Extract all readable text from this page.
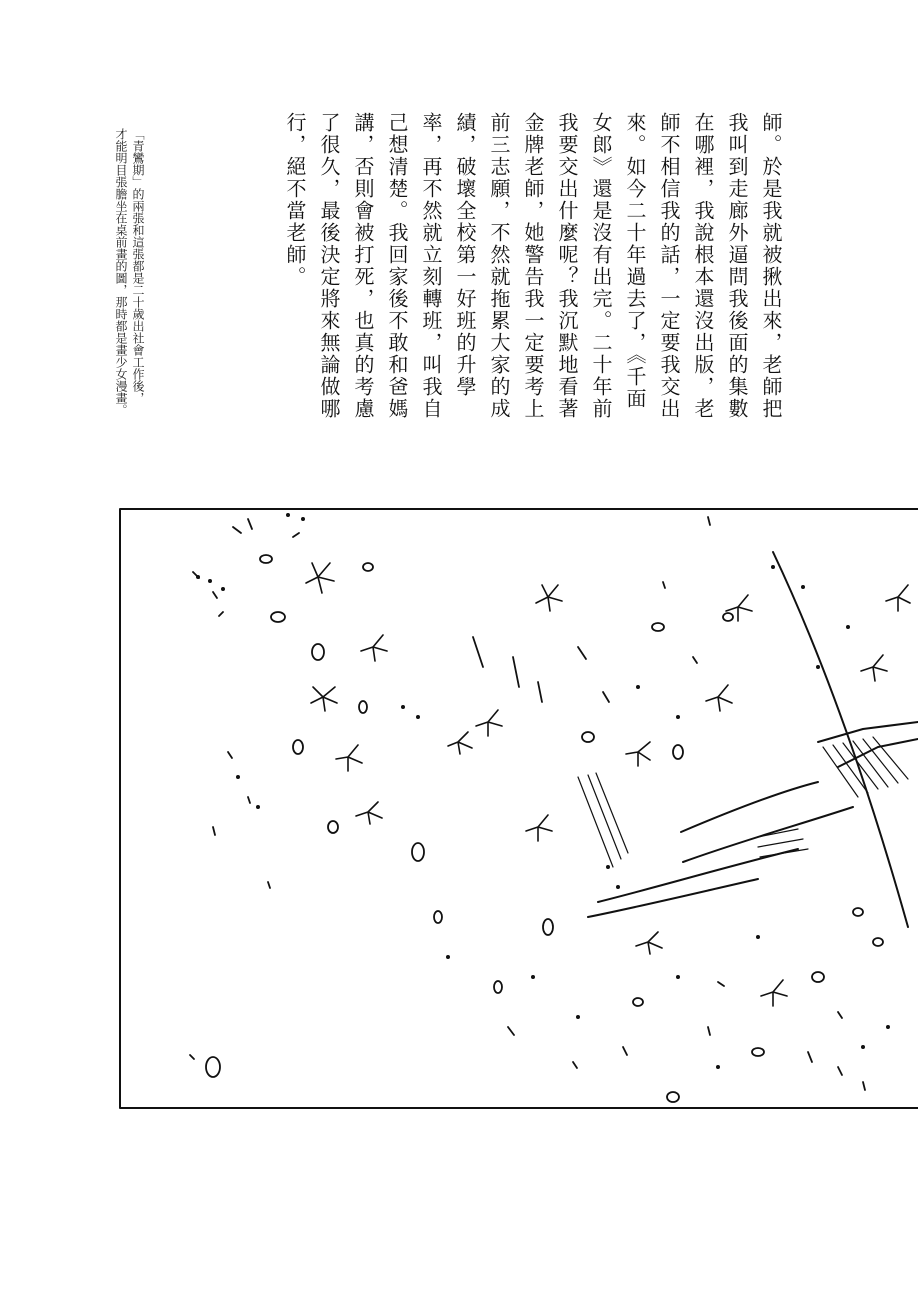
師。於是我就被揪出來，老師把

我叫到走廊外逼問我後面的集數

在哪裡，我說根本還沒出版，老

師不相信我的話，一定要我交出

來。如今二十年過去了，《千面

女郎》還是沒有出完。二十年前

我要交出什麼呢？我沉默地看著

金牌老師，她警告我一定要考上

前三志願，不然就拖累大家的成

績，破壞全校第一好班的升學

率，再不然就立刻轉班，叫我自

己想清楚。我回家後不敢和爸媽

講，否則會被打死，也真的考慮

了很久，最後決定將來無論做哪

行，絕不當老師。

「青鸞期」的兩張和這張都是二十歲出社會工作後，

才能明目張膽坐在桌前畫的圖，那時都是畫少女漫畫。
